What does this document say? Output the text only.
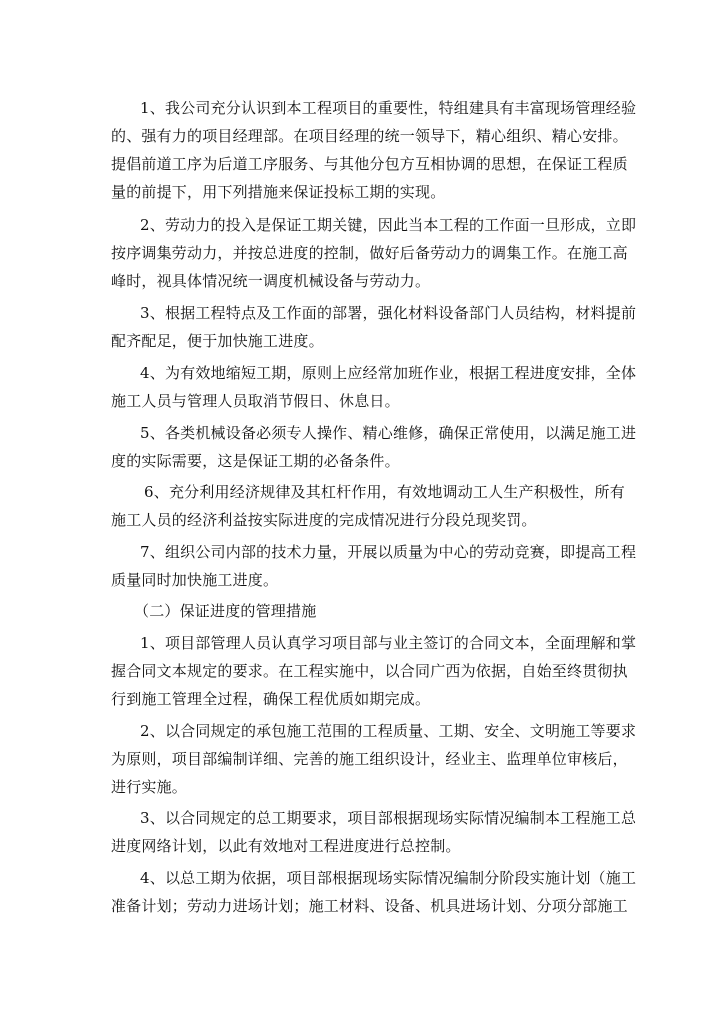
1、我公司充分认识到本工程项目的重要性，特组建具有丰富现场管理经验
的、强有力的项目经理部。在项目经理的统一领导下，精心组织、精心安排。
提倡前道工序为后道工序服务、与其他分包方互相协调的思想，在保证工程质
量的前提下，用下列措施来保证投标工期的实现。
2、劳动力的投入是保证工期关键，因此当本工程的工作面一旦形成，立即
按序调集劳动力，并按总进度的控制，做好后备劳动力的调集工作。在施工高
峰时，视具体情况统一调度机械设备与劳动力。
3、根据工程特点及工作面的部署，强化材料设备部门人员结构，材料提前
配齐配足，便于加快施工进度。
4、为有效地缩短工期，原则上应经常加班作业，根据工程进度安排，全体
施工人员与管理人员取消节假日、休息日。
5、各类机械设备必须专人操作、精心维修，确保正常使用，以满足施工进
度的实际需要，这是保证工期的必备条件。
6、充分利用经济规律及其杠杆作用，有效地调动工人生产积极性，所有
施工人员的经济利益按实际进度的完成情况进行分段兑现奖罚。
7、组织公司内部的技术力量，开展以质量为中心的劳动竞赛，即提高工程
质量同时加快施工进度。
（二）保证进度的管理措施
1、项目部管理人员认真学习项目部与业主签订的合同文本，全面理解和掌
握合同文本规定的要求。在工程实施中，以合同广西为依据，自始至终贯彻执
行到施工管理全过程，确保工程优质如期完成。
2、以合同规定的承包施工范围的工程质量、工期、安全、文明施工等要求
为原则，项目部编制详细、完善的施工组织设计，经业主、监理单位审核后，
进行实施。
3、以合同规定的总工期要求，项目部根据现场实际情况编制本工程施工总
进度网络计划，以此有效地对工程进度进行总控制。
4、以总工期为依据，项目部根据现场实际情况编制分阶段实施计划（施工
准备计划；劳动力进场计划；施工材料、设备、机具进场计划、分项分部施工
